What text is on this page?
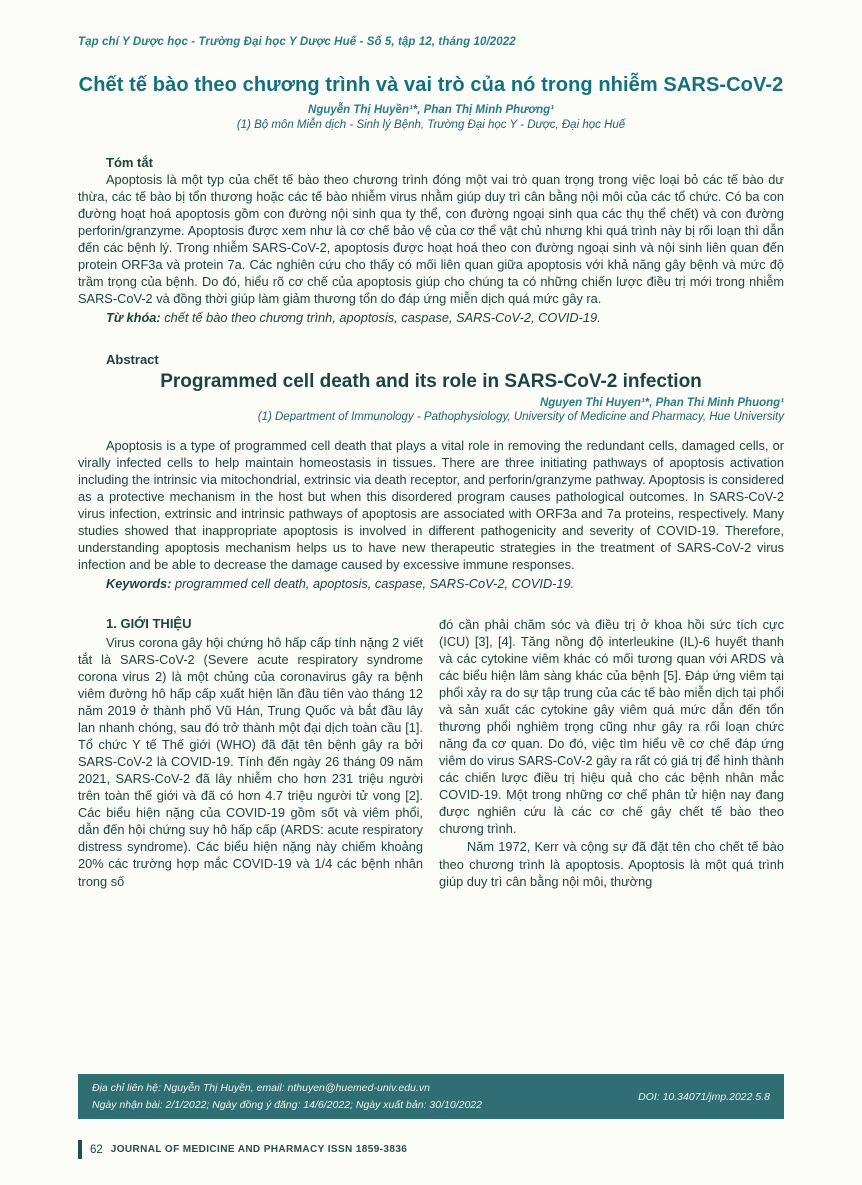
Tạp chí Y Dược học - Trường Đại học Y Dược Huế - Số 5, tập 12, tháng 10/2022
Chết tế bào theo chương trình và vai trò của nó trong nhiễm SARS-CoV-2
Nguyễn Thị Huyền¹*, Phan Thị Minh Phương¹
(1) Bộ môn Miễn dịch - Sinh lý Bệnh, Trường Đại học Y - Dược, Đại học Huế
Tóm tắt

Apoptosis là một typ của chết tế bào theo chương trình đóng một vai trò quan trọng trong việc loại bỏ các tế bào dư thừa, các tế bào bị tổn thương hoặc các tế bào nhiễm virus nhằm giúp duy trì cân bằng nội môi của các tổ chức. Có ba con đường hoạt hoá apoptosis gồm con đường nội sinh qua ty thể, con đường ngoại sinh qua các thụ thể chết) và con đường perforin/granzyme. Apoptosis được xem như là cơ chế bảo vệ của cơ thể vật chủ nhưng khi quá trình này bị rối loạn thì dẫn đến các bệnh lý. Trong nhiễm SARS-CoV-2, apoptosis được hoạt hoá theo con đường ngoại sinh và nội sinh liên quan đến protein ORF3a và protein 7a. Các nghiên cứu cho thấy có mối liên quan giữa apoptosis với khả năng gây bệnh và mức độ trầm trọng của bệnh. Do đó, hiểu rõ cơ chế của apoptosis giúp cho chúng ta có những chiến lược điều trị mới trong nhiễm SARS-CoV-2 và đồng thời giúp làm giảm thương tổn do đáp ứng miễn dịch quá mức gây ra.

Từ khóa: chết tế bào theo chương trình, apoptosis, caspase, SARS-CoV-2, COVID-19.

Abstract
Programmed cell death and its role in SARS-CoV-2 infection
Nguyen Thi Huyen¹*, Phan Thi Minh Phuong¹
(1) Department of Immunology - Pathophysiology, University of Medicine and Pharmacy, Hue University

Apoptosis is a type of programmed cell death that plays a vital role in removing the redundant cells, damaged cells, or virally infected cells to help maintain homeostasis in tissues. There are three initiating pathways of apoptosis activation including the intrinsic via mitochondrial, extrinsic via death receptor, and perforin/granzyme pathway. Apoptosis is considered as a protective mechanism in the host but when this disordered program causes pathological outcomes. In SARS-CoV-2 virus infection, extrinsic and intrinsic pathways of apoptosis are associated with ORF3a and 7a proteins, respectively. Many studies showed that inappropriate apoptosis is involved in different pathogenicity and severity of COVID-19. Therefore, understanding apoptosis mechanism helps us to have new therapeutic strategies in the treatment of SARS-CoV-2 virus infection and be able to decrease the damage caused by excessive immune responses.

Keywords: programmed cell death, apoptosis, caspase, SARS-CoV-2, COVID-19.

1. GIỚI THIỆU

Virus corona gây hội chứng hô hấp cấp tính nặng 2 viết tắt là SARS-CoV-2 (Severe acute respiratory syndrome corona virus 2) là một chủng của coronavirus gây ra bệnh viêm đường hô hấp cấp xuất hiện lần đầu tiên vào tháng 12 năm 2019 ở thành phố Vũ Hán, Trung Quốc và bắt đầu lây lan nhanh chóng, sau đó trở thành một đại dịch toàn cầu [1]. Tổ chức Y tế Thế giới (WHO) đã đặt tên bệnh gây ra bởi SARS-CoV-2 là COVID-19. Tính đến ngày 26 tháng 09 năm 2021, SARS-CoV-2 đã lây nhiễm cho hơn 231 triệu người trên toàn thế giới và đã có hơn 4.7 triệu người tử vong [2]. Các biểu hiện nặng của COVID-19 gồm sốt và viêm phổi, dẫn đến hội chứng suy hô hấp cấp (ARDS: acute respiratory distress syndrome). Các biểu hiện nặng này chiếm khoảng 20% các trường hợp mắc COVID-19 và 1/4 các bệnh nhân trong số

đó cần phải chăm sóc và điều trị ở khoa hồi sức tích cực (ICU) [3], [4]. Tăng nồng độ interleukine (IL)-6 huyết thanh và các cytokine viêm khác có mối tương quan với ARDS và các biểu hiện lâm sàng khác của bệnh [5]. Đáp ứng viêm tại phổi xảy ra do sự tập trung của các tế bào miễn dịch tại phổi và sản xuất các cytokine gây viêm quá mức dẫn đến tổn thương phổi nghiêm trọng cũng như gây ra rối loạn chức năng đa cơ quan. Do đó, việc tìm hiểu về cơ chế đáp ứng viêm do virus SARS-CoV-2 gây ra rất có giá trị để hình thành các chiến lược điều trị hiệu quả cho các bệnh nhân mắc COVID-19. Một trong những cơ chế phân tử hiện nay đang được nghiên cứu là các cơ chế gây chết tế bào theo chương trình.

Năm 1972, Kerr và cộng sự đã đặt tên cho chết tế bào theo chương trình là apoptosis. Apoptosis là một quá trình giúp duy trì cân bằng nội môi, thường

Địa chỉ liên hệ: Nguyễn Thị Huyền, email: nthuyen@huemed-univ.edu.vn
Ngày nhận bài: 2/1/2022; Ngày đồng ý đăng: 14/6/2022; Ngày xuất bản: 30/10/2022
DOI: 10.34071/jmp.2022.5.8
62 JOURNAL OF MEDICINE AND PHARMACY ISSN 1859-3836
